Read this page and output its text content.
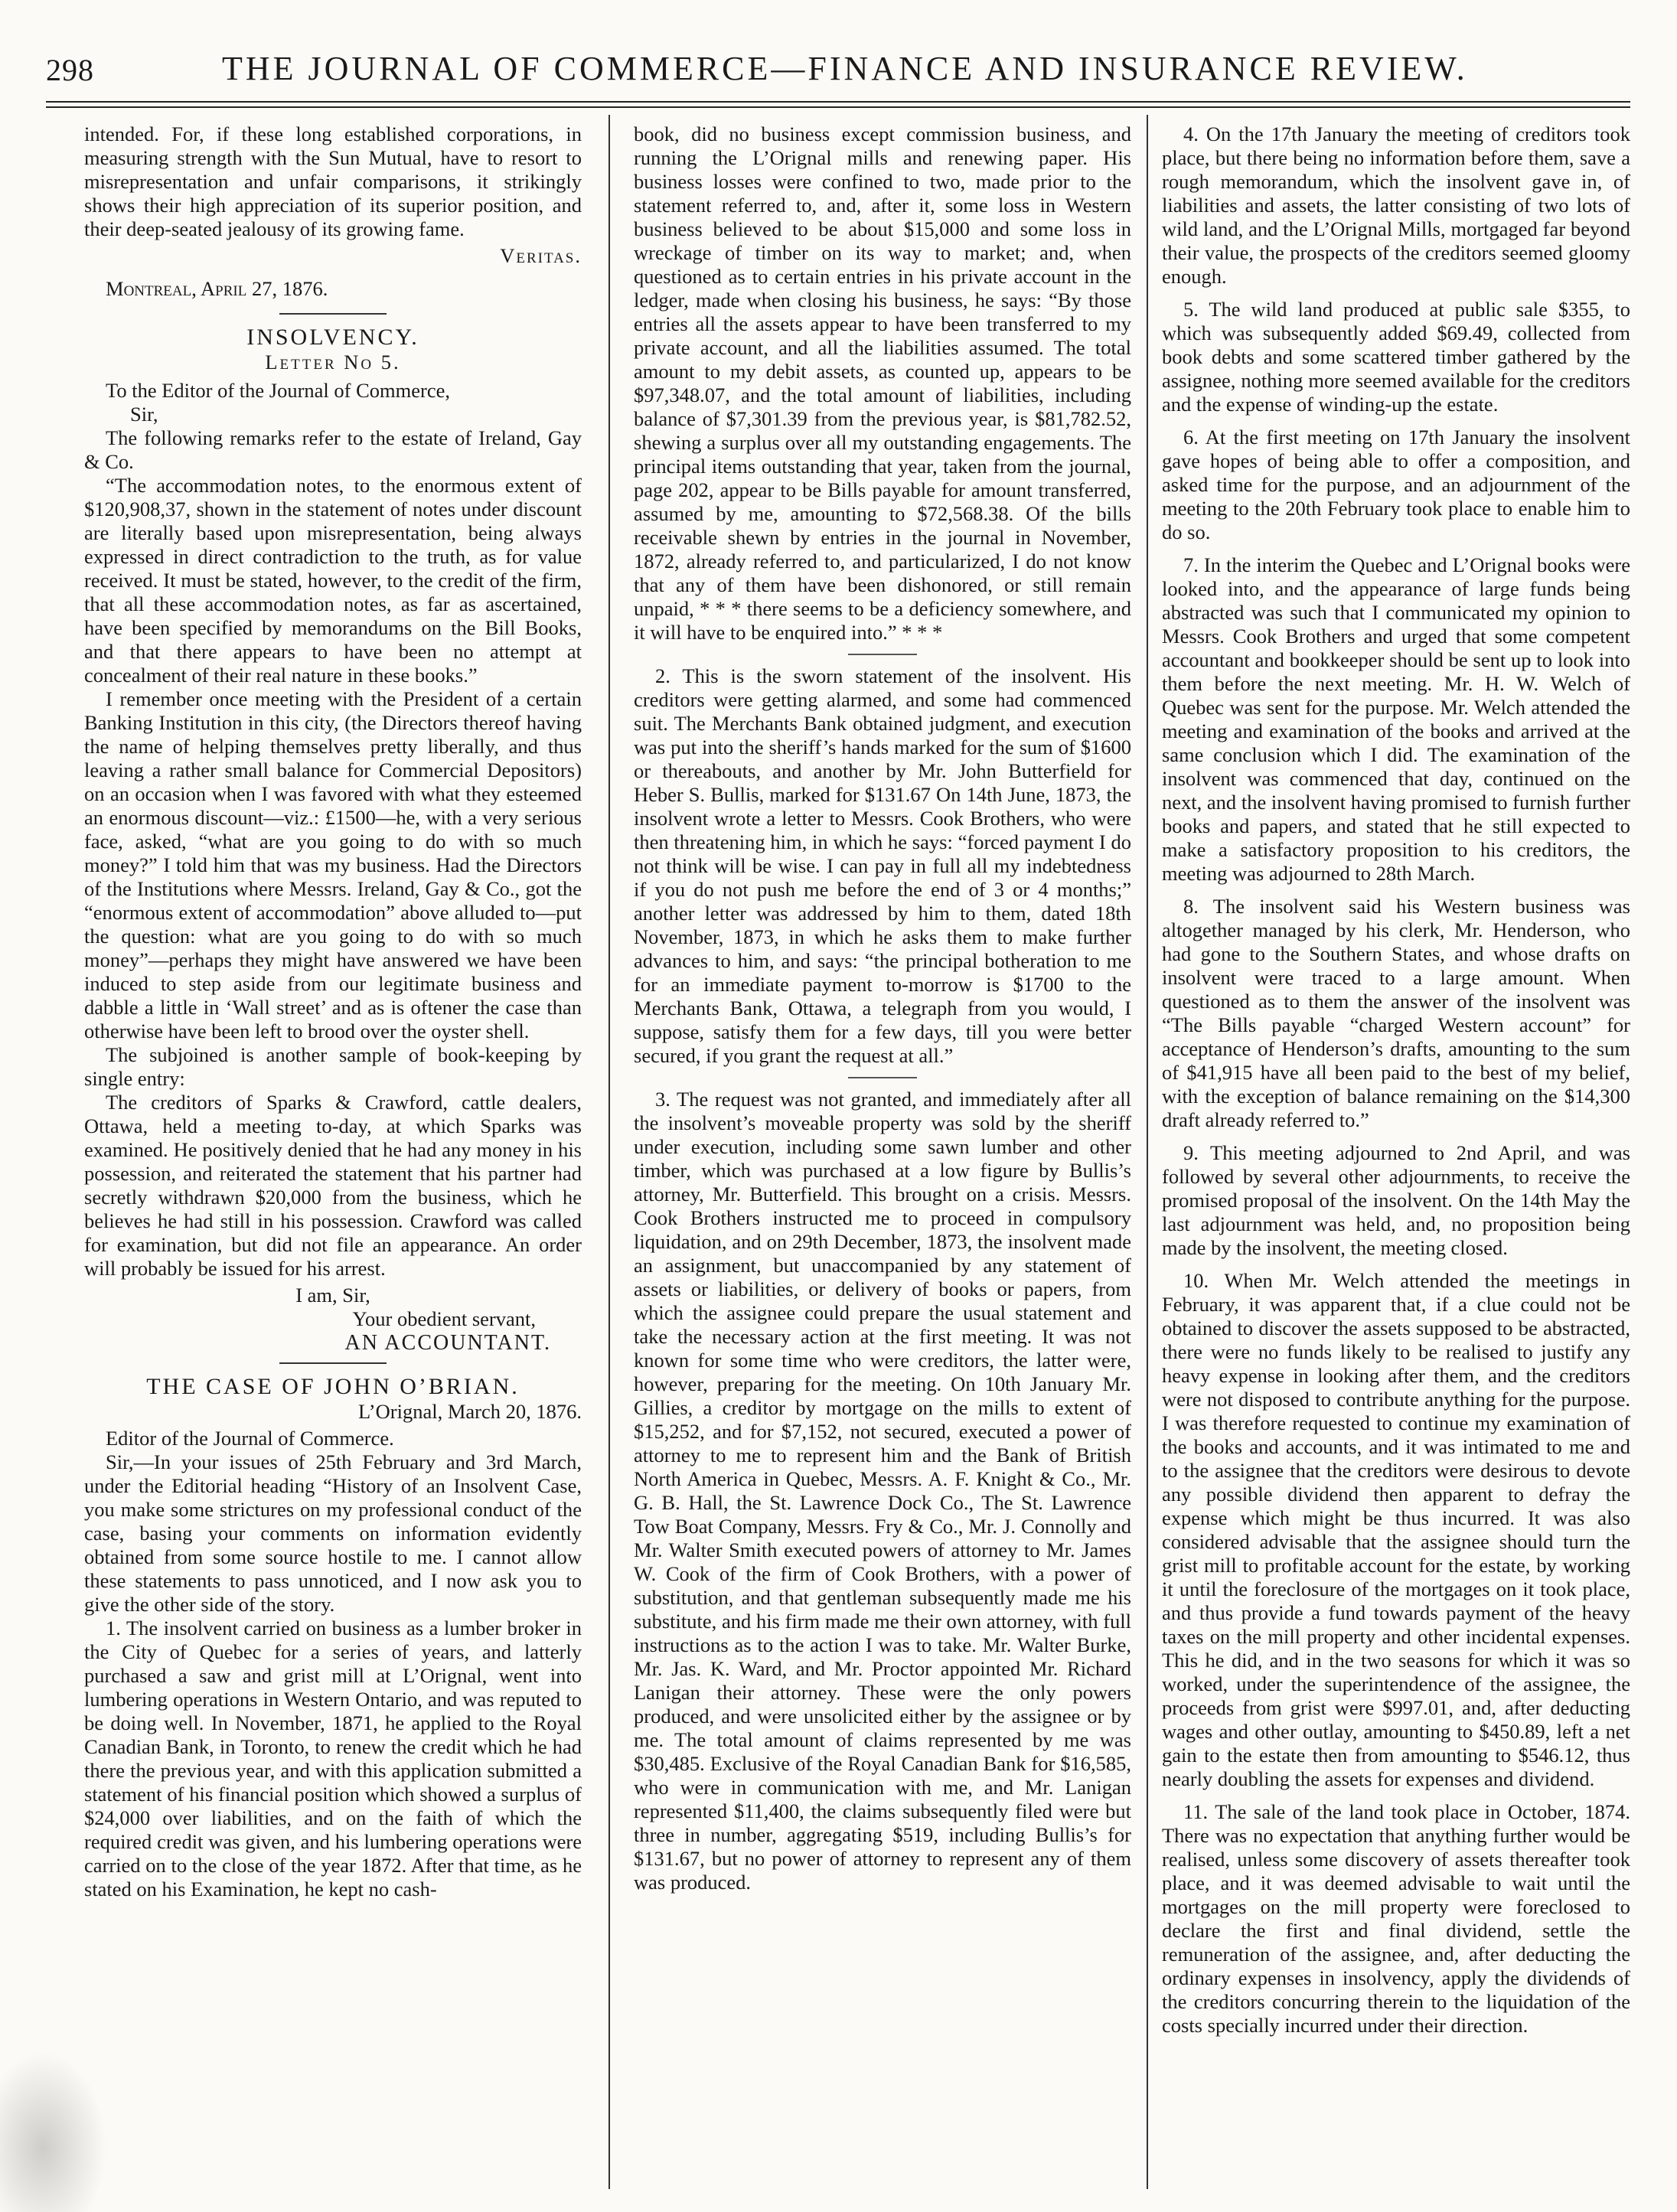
298	THE JOURNAL OF COMMERCE—FINANCE AND INSURANCE REVIEW.

intended. For, if these long established corporations, in measuring strength with the Sun Mutual, have to resort to misrepresentation and unfair comparisons, it strikingly shows their high appreciation of its superior position, and their deep-seated jealousy of its growing fame.

Veritas.
Montreal, April 27, 1876.
INSOLVENCY.
Letter No 5.
To the Editor of the Journal of Commerce,
Sir,

The following remarks refer to the estate of Ireland, Gay & Co.

“The accommodation notes, to the enormous extent of $120,908,37, shown in the statement of notes under discount are literally based upon misrepresentation, being always expressed in direct contradiction to the truth, as for value received. It must be stated, however, to the credit of the firm, that all these accommodation notes, as far as ascertained, have been specified by memorandums on the Bill Books, and that there appears to have been no attempt at concealment of their real nature in these books.”

I remember once meeting with the President of a certain Banking Institution in this city, (the Directors thereof having the name of helping themselves pretty liberally, and thus leaving a rather small balance for Commercial Depositors) on an occasion when I was favored with what they esteemed an enormous discount—viz.: £1500—he, with a very serious face, asked, “what are you going to do with so much money?” I told him that was my business. Had the Directors of the Institutions where Messrs. Ireland, Gay & Co., got the “enormous extent of accommodation” above alluded to—put the question: what are you going to do with so much money”—perhaps they might have answered we have been induced to step aside from our legitimate business and dabble a little in ‘Wall street’ and as is oftener the case than otherwise have been left to brood over the oyster shell.

The subjoined is another sample of book-keeping by single entry:

The creditors of Sparks & Crawford, cattle dealers, Ottawa, held a meeting to-day, at which Sparks was examined. He positively denied that he had any money in his possession, and reiterated the statement that his partner had secretly withdrawn $20,000 from the business, which he believes he had still in his possession. Crawford was called for examination, but did not file an appearance. An order will probably be issued for his arrest.

I am, Sir,
Your obedient servant,
AN ACCOUNTANT.
THE CASE OF JOHN O’BRIAN.
L’Orignal, March 20, 1876.
Editor of the Journal of Commerce.

Sir,—In your issues of 25th February and 3rd March, under the Editorial heading “History of an Insolvent Case, you make some strictures on my professional conduct of the case, basing your comments on information evidently obtained from some source hostile to me. I cannot allow these statements to pass unnoticed, and I now ask you to give the other side of the story.

1. The insolvent carried on business as a lumber broker in the City of Quebec for a series of years, and latterly purchased a saw and grist mill at L’Orignal, went into lumbering operations in Western Ontario, and was reputed to be doing well. In November, 1871, he applied to the Royal Canadian Bank, in Toronto, to renew the credit which he had there the previous year, and with this application submitted a statement of his financial position which showed a surplus of $24,000 over liabilities, and on the faith of which the required credit was given, and his lumbering operations were carried on to the close of the year 1872. After that time, as he stated on his Examination, he kept no cash-

book, did no business except commission business, and running the L’Orignal mills and renewing paper. His business losses were confined to two, made prior to the statement referred to, and, after it, some loss in Western business believed to be about $15,000 and some loss in wreckage of timber on its way to market; and, when questioned as to certain entries in his private account in the ledger, made when closing his business, he says: “By those entries all the assets appear to have been transferred to my private account, and all the liabilities assumed. The total amount to my debit assets, as counted up, appears to be $97,348.07, and the total amount of liabilities, including balance of $7,301.39 from the previous year, is $81,782.52, shewing a surplus over all my outstanding engagements. The principal items outstanding that year, taken from the journal, page 202, appear to be Bills payable for amount transferred, assumed by me, amounting to $72,568.38. Of the bills receivable shewn by entries in the journal in November, 1872, already referred to, and particularized, I do not know that any of them have been dishonored, or still remain unpaid, * * * there seems to be a deficiency somewhere, and it will have to be enquired into.” * * *

2. This is the sworn statement of the insolvent. His creditors were getting alarmed, and some had commenced suit. The Merchants Bank obtained judgment, and execution was put into the sheriff’s hands marked for the sum of $1600 or thereabouts, and another by Mr. John Butterfield for Heber S. Bullis, marked for $131.67 On 14th June, 1873, the insolvent wrote a letter to Messrs. Cook Brothers, who were then threatening him, in which he says: “forced payment I do not think will be wise. I can pay in full all my indebtedness if you do not push me before the end of 3 or 4 months;” another letter was addressed by him to them, dated 18th November, 1873, in which he asks them to make further advances to him, and says: “the principal botheration to me for an immediate payment to-morrow is $1700 to the Merchants Bank, Ottawa, a telegraph from you would, I suppose, satisfy them for a few days, till you were better secured, if you grant the request at all.”

3. The request was not granted, and immediately after all the insolvent’s moveable property was sold by the sheriff under execution, including some sawn lumber and other timber, which was purchased at a low figure by Bullis’s attorney, Mr. Butterfield. This brought on a crisis. Messrs. Cook Brothers instructed me to proceed in compulsory liquidation, and on 29th December, 1873, the insolvent made an assignment, but unaccompanied by any statement of assets or liabilities, or delivery of books or papers, from which the assignee could prepare the usual statement and take the necessary action at the first meeting. It was not known for some time who were creditors, the latter were, however, preparing for the meeting. On 10th January Mr. Gillies, a creditor by mortgage on the mills to extent of $15,252, and for $7,152, not secured, executed a power of attorney to me to represent him and the Bank of British North America in Quebec, Messrs. A. F. Knight & Co., Mr. G. B. Hall, the St. Lawrence Dock Co., The St. Lawrence Tow Boat Company, Messrs. Fry & Co., Mr. J. Connolly and Mr. Walter Smith executed powers of attorney to Mr. James W. Cook of the firm of Cook Brothers, with a power of substitution, and that gentleman subsequently made me his substitute, and his firm made me their own attorney, with full instructions as to the action I was to take. Mr. Walter Burke, Mr. Jas. K. Ward, and Mr. Proctor appointed Mr. Richard Lanigan their attorney. These were the only powers produced, and were unsolicited either by the assignee or by me. The total amount of claims represented by me was $30,485. Exclusive of the Royal Canadian Bank for $16,585, who were in communication with me, and Mr. Lanigan represented $11,400, the claims subsequently filed were but three in number, aggregating $519, including Bullis’s for $131.67, but no power of attorney to represent any of them was produced.

4. On the 17th January the meeting of creditors took place, but there being no information before them, save a rough memorandum, which the insolvent gave in, of liabilities and assets, the latter consisting of two lots of wild land, and the L’Orignal Mills, mortgaged far beyond their value, the prospects of the creditors seemed gloomy enough.

5. The wild land produced at public sale $355, to which was subsequently added $69.49, collected from book debts and some scattered timber gathered by the assignee, nothing more seemed available for the creditors and the expense of winding-up the estate.

6. At the first meeting on 17th January the insolvent gave hopes of being able to offer a composition, and asked time for the purpose, and an adjournment of the meeting to the 20th February took place to enable him to do so.

7. In the interim the Quebec and L’Orignal books were looked into, and the appearance of large funds being abstracted was such that I communicated my opinion to Messrs. Cook Brothers and urged that some competent accountant and bookkeeper should be sent up to look into them before the next meeting. Mr. H. W. Welch of Quebec was sent for the purpose. Mr. Welch attended the meeting and examination of the books and arrived at the same conclusion which I did. The examination of the insolvent was commenced that day, continued on the next, and the insolvent having promised to furnish further books and papers, and stated that he still expected to make a satisfactory proposition to his creditors, the meeting was adjourned to 28th March.

8. The insolvent said his Western business was altogether managed by his clerk, Mr. Henderson, who had gone to the Southern States, and whose drafts on insolvent were traced to a large amount. When questioned as to them the answer of the insolvent was “The Bills payable “charged Western account” for acceptance of Henderson’s drafts, amounting to the sum of $41,915 have all been paid to the best of my belief, with the exception of balance remaining on the $14,300 draft already referred to.”

9. This meeting adjourned to 2nd April, and was followed by several other adjournments, to receive the promised proposal of the insolvent. On the 14th May the last adjournment was held, and, no proposition being made by the insolvent, the meeting closed.

10. When Mr. Welch attended the meetings in February, it was apparent that, if a clue could not be obtained to discover the assets supposed to be abstracted, there were no funds likely to be realised to justify any heavy expense in looking after them, and the creditors were not disposed to contribute anything for the purpose. I was therefore requested to continue my examination of the books and accounts, and it was intimated to me and to the assignee that the creditors were desirous to devote any possible dividend then apparent to defray the expense which might be thus incurred. It was also considered advisable that the assignee should turn the grist mill to profitable account for the estate, by working it until the foreclosure of the mortgages on it took place, and thus provide a fund towards payment of the heavy taxes on the mill property and other incidental expenses. This he did, and in the two seasons for which it was so worked, under the superintendence of the assignee, the proceeds from grist were $997.01, and, after deducting wages and other outlay, amounting to $450.89, left a net gain to the estate then from amounting to $546.12, thus nearly doubling the assets for expenses and dividend.

11. The sale of the land took place in October, 1874. There was no expectation that anything further would be realised, unless some discovery of assets thereafter took place, and it was deemed advisable to wait until the mortgages on the mill property were foreclosed to declare the first and final dividend, settle the remuneration of the assignee, and, after deducting the ordinary expenses in insolvency, apply the dividends of the creditors concurring therein to the liquidation of the costs specially incurred under their direction.
